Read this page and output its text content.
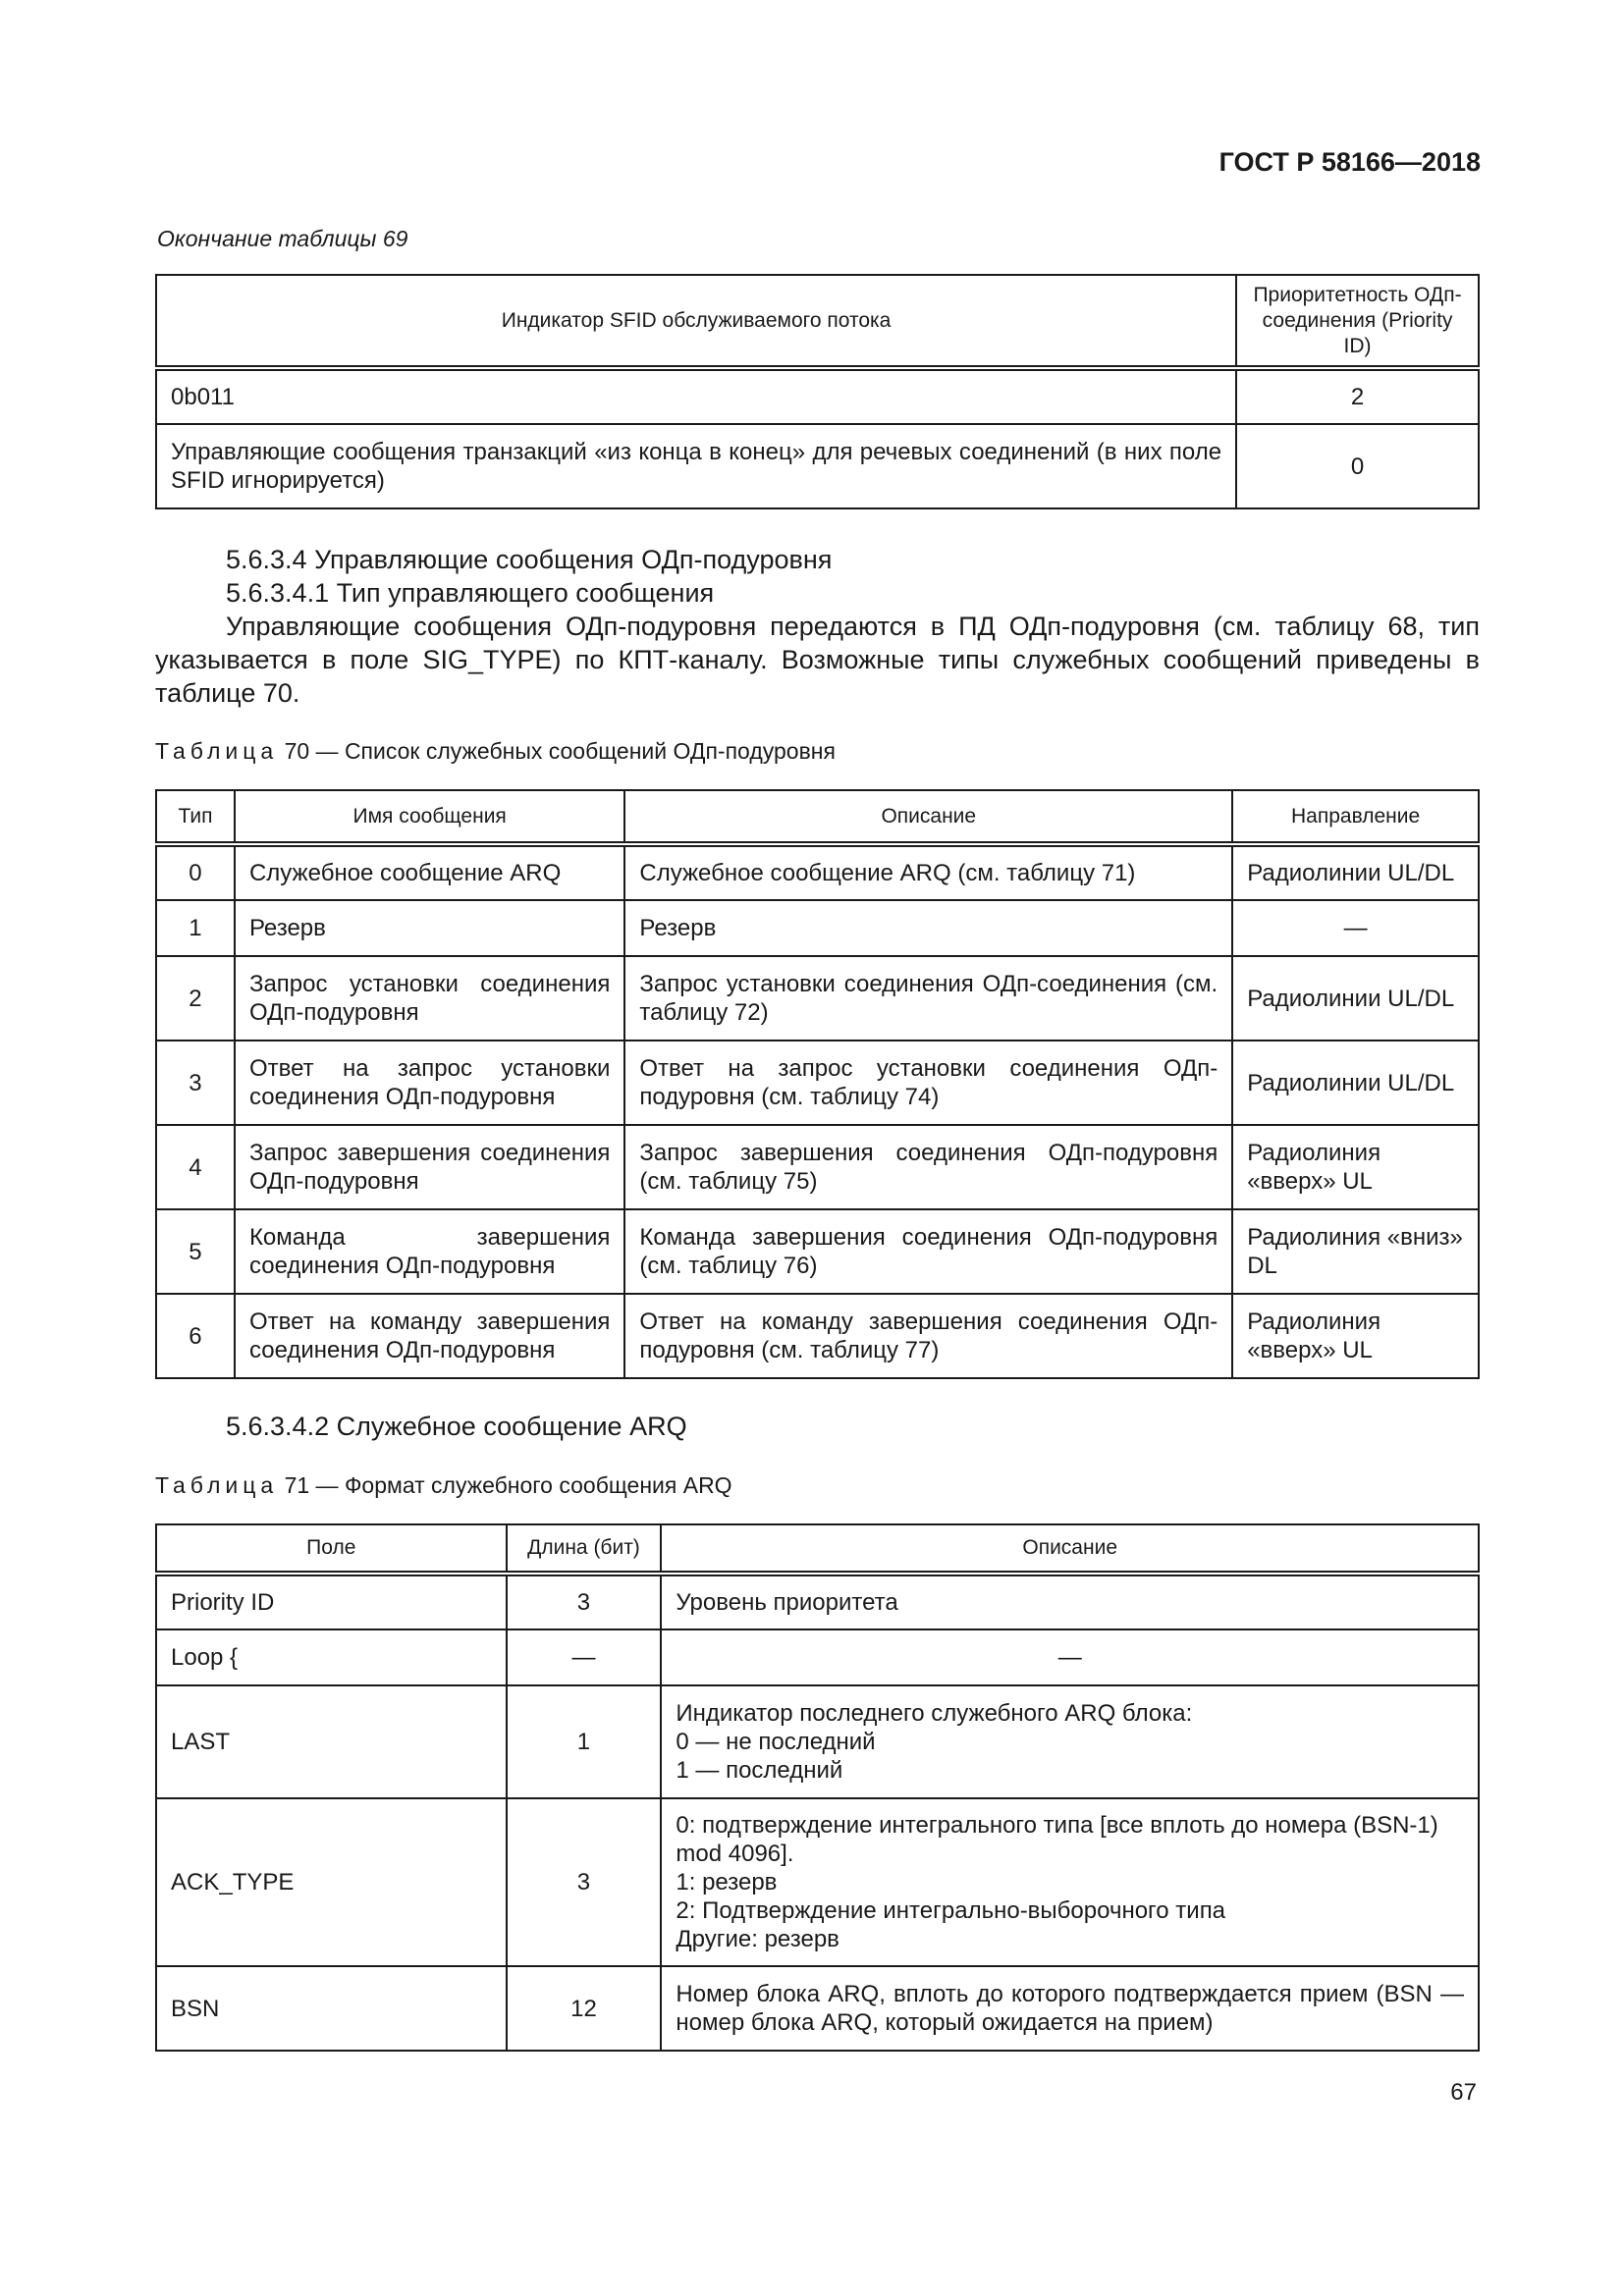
ГОСТ Р 58166—2018
Окончание таблицы 69
Индикатор SFID обслуживаемого потока	Приоритетность ОДп-соединения (Priority ID)
0b011	2
Управляющие сообщения транзакций «из конца в конец» для речевых соединений (в них поле SFID игнорируется)	0
5.6.3.4 Управляющие сообщения ОДп-подуровня
5.6.3.4.1 Тип управляющего сообщения
Управляющие сообщения ОДп-подуровня передаются в ПД ОДп-подуровня (см. таблицу 68, тип указывается в поле SIG_TYPE) по КПТ-каналу. Возможные типы служебных сообщений приведены в таблице 70.
Таблица 70 — Список служебных сообщений ОДп-подуровня
Тип	Имя сообщения	Описание	Направление
0	Служебное сообщение ARQ	Служебное сообщение ARQ (см. таблицу 71)	Радиолинии UL/DL
1	Резерв	Резерв	—
2	Запрос установки соединения ОДп-подуровня	Запрос установки соединения ОДп-соединения (см. таблицу 72)	Радиолинии UL/DL
3	Ответ на запрос установки соединения ОДп-подуровня	Ответ на запрос установки соединения ОДп-подуровня (см. таблицу 74)	Радиолинии UL/DL
4	Запрос завершения соединения ОДп-подуровня	Запрос завершения соединения ОДп-подуровня (см. таблицу 75)	Радиолиния «вверх» UL
5	Команда завершения соединения ОДп-подуровня	Команда завершения соединения ОДп-подуровня (см. таблицу 76)	Радиолиния «вниз» DL
6	Ответ на команду завершения соединения ОДп-подуровня	Ответ на команду завершения соединения ОДп-подуровня (см. таблицу 77)	Радиолиния «вверх» UL
5.6.3.4.2 Служебное сообщение ARQ
Таблица 71 — Формат служебного сообщения ARQ
Поле	Длина (бит)	Описание
Priority ID	3	Уровень приоритета

Loop {	—	—
LAST	1	Индикатор последнего служебного ARQ блока:
0 — не последний
1 — последний

ACK_TYPE	3	0: подтверждение интегрального типа [все вплоть до номера (BSN-1) mod 4096].
1: резерв
2: Подтверждение интегрально-выборочного типа
Другие: резерв

BSN	12	Номер блока ARQ, вплоть до которого подтверждается прием (BSN — номер блока ARQ, который ожидается на прием)
67
